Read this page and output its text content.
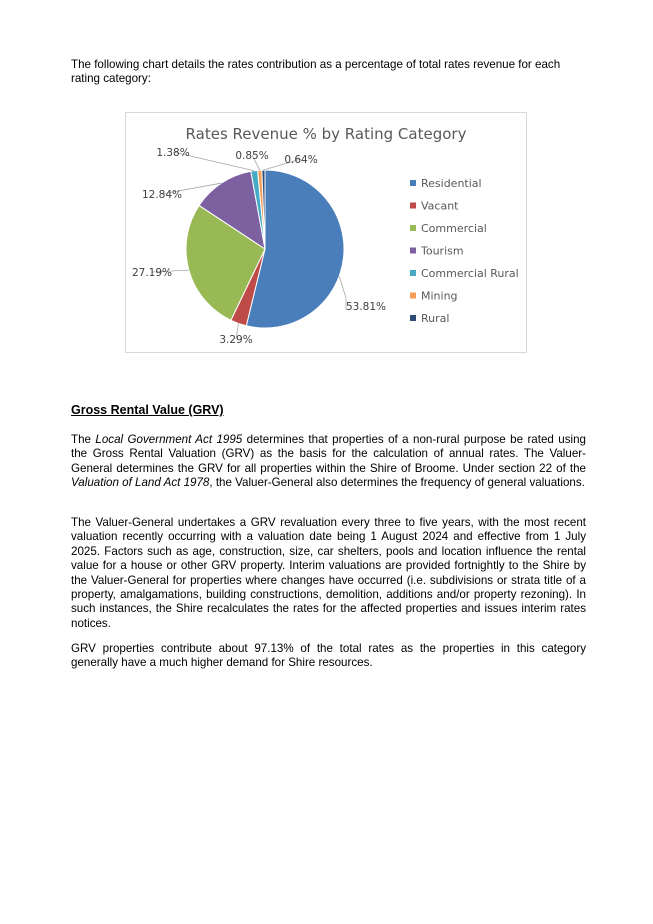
The following chart details the rates contribution as a percentage of total rates revenue for each rating category:

Rates Revenue % by Rating Category
53.81%
3.29%
27.19%
12.84%
1.38%	0.85% 0.64%
Residential
Vacant
Commercial
Tourism
Commercial Rural
Mining
Rural
Gross Rental Value (GRV)

The Local Government Act 1995 determines that properties of a non-rural purpose be rated using the Gross Rental Valuation (GRV) as the basis for the calculation of annual rates. The Valuer-General determines the GRV for all properties within the Shire of Broome. Under section 22 of the Valuation of Land Act 1978, the Valuer-General also determines the frequency of general valuations.

The Valuer-General undertakes a GRV revaluation every three to five years, with the most recent valuation recently occurring with a valuation date being 1 August 2024 and effective from 1 July 2025. Factors such as age, construction, size, car shelters, pools and location influence the rental value for a house or other GRV property. Interim valuations are provided fortnightly to the Shire by the Valuer-General for properties where changes have occurred (i.e. subdivisions or strata title of a property, amalgamations, building constructions, demolition, additions and/or property rezoning). In such instances, the Shire recalculates the rates for the affected properties and issues interim rates notices.

GRV properties contribute about 97.13% of the total rates as the properties in this category generally have a much higher demand for Shire resources.
